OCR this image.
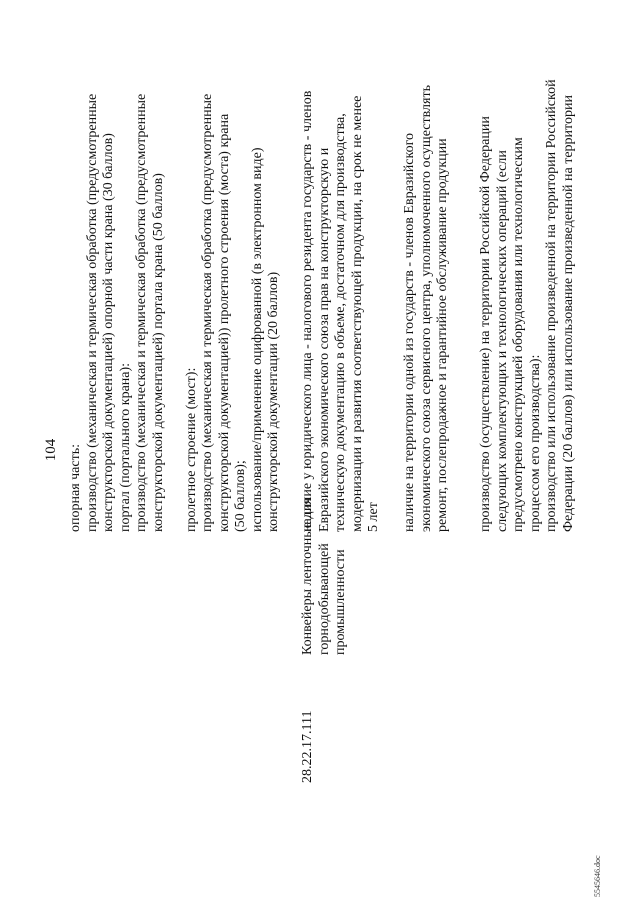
104 опорная часть: производство (механическая и термическая обработка (предусмотренные конструкторской документацией) опорной части крана (30 баллов) портал (портального крана): производство (механическая и термическая обработка (предусмотренные конструкторской документацией) портала крана (50 баллов)
пролетное строение (мост): производство (механическая и термическая обработка (предусмотренные конструкторской документацией)) пролетного строения (моста) крана (50 баллов); использование/применение оцифрованной (в электронном виде) конструкторской документации (20 баллов)
28.22.17.111
Конвейеры ленточные для горнодобывающей промышленности
наличие у юридического лица - налогового резидента государств - членов Евразийского экономического союза прав на конструкторскую и техническую документацию в объеме, достаточном для производства, модернизации и развития соответствующей продукции, на срок не менее 5 лет наличие на территории одной из государств - членов Евразийского экономического союза сервисного центра, уполномоченного осуществлять ремонт, послепродажное и гарантийное обслуживание продукции производство (осуществление) на территории Российской Федерации следующих комплектующих и технологических операций (если предусмотрено конструкцией оборудования или технологическим процессом его производства): производство или использование произведенной на территории Российской Федерации (20 баллов) или использование произведенной на территории
5545646.doc
